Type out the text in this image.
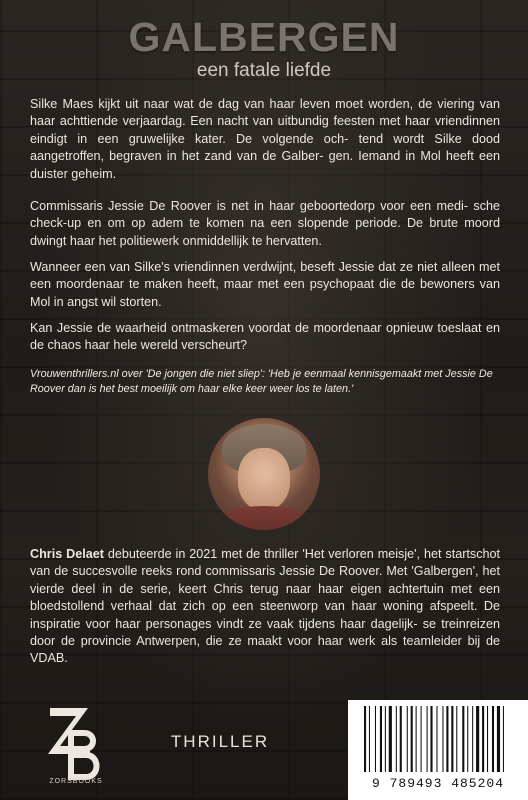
GALBERGEN
een fatale liefde

Silke Maes kijkt uit naar wat de dag van haar leven moet worden, de viering van haar achttiende verjaardag. Een nacht van uitbundig feesten met haar vriendinnen eindigt in een gruwelijke kater. De volgende och- tend wordt Silke dood aangetroffen, begraven in het zand van de Galber- gen. Iemand in Mol heeft een duister geheim.

Commissaris Jessie De Roover is net in haar geboortedorp voor een medi- sche check-up en om op adem te komen na een slopende periode. De brute moord dwingt haar het politiewerk onmiddellijk te hervatten.

Wanneer een van Silke's vriendinnen verdwijnt, beseft Jessie dat ze niet alleen met een moordenaar te maken heeft, maar met een psychopaat die de bewoners van Mol in angst wil storten.

Kan Jessie de waarheid ontmaskeren voordat de moordenaar opnieuw toeslaat en de chaos haar hele wereld verscheurt?

Vrouwenthrillers.nl over 'De jongen die niet sliep': 'Heb je eenmaal kennisgemaakt met Jessie De Roover dan is het best moeilijk om haar elke keer weer los te laten.'

Chris Delaet debuteerde in 2021 met de thriller 'Het verloren meisje', het startschot van de succesvolle reeks rond commissaris Jessie De Roover. Met 'Galbergen', het vierde deel in de serie, keert Chris terug naar haar eigen achtertuin met een bloedstollend verhaal dat zich op een steenworp van haar woning afspeelt. De inspiratie voor haar personages vindt ze vaak tijdens haar dagelijk- se treinreizen door de provincie Antwerpen, die ze maakt voor haar werk als teamleider bij de VDAB.

ZORSBOOKS
THRILLER
9 789493 485204
